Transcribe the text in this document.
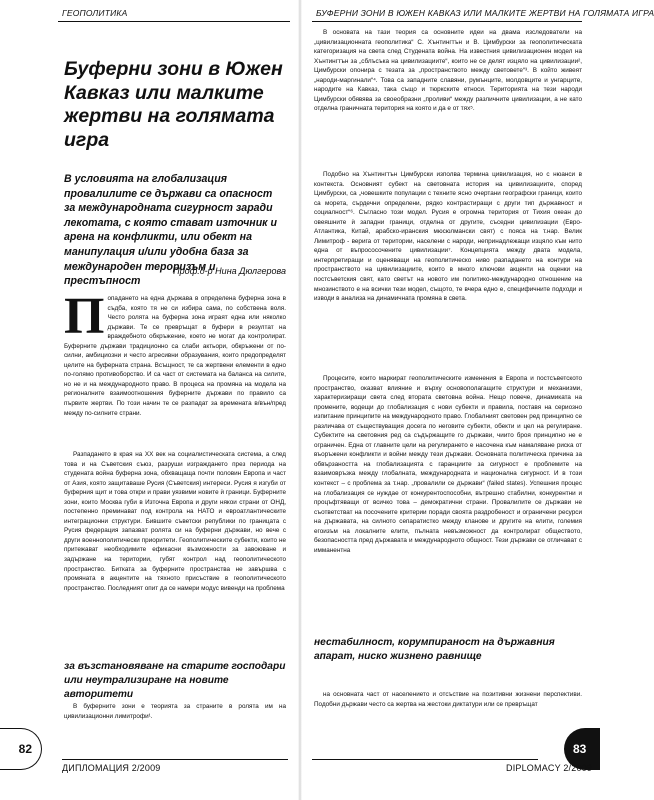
ГЕОПОЛИТИКА
Буферни зони в Южен Кавказ или малките жертви на голямата игра

В условията на глобализация провалилите се държави са опасност за международната сигурност заради лекотата, с която стават източник и арена на конфликти, или обект на манипулация и/или удобна база за международен тероризъм и престъпност

Проф.д-р Нина Дюлгерова

Попадането на една държава в определена буферна зона в съдба, която тя не си избира сама, по собствена воля. Често ролята на буферна зона играят една или няколко държави. Те се превръщат в буфери в резултат на враждебното обкръжение, което не могат да контролират. Буферните държави традиционно са слаби актьори, обкръжени от по-силни, амбициозни и често агресивни образувания, които предопределят целите на буферната страна. Всъщност, те са жертвени елементи в едно по-голямо противоборство. И са част от системата на баланса на силите, но не и на международното право. В процеса на промяна на модела на регионалните взаимоотношения буферните държави по правило са първите жертви. По този начин те се разпадат за времената в/вън/пред между по-силните страни.

Разпадането в края на ХХ век на социалистическата система, а след това и на Съветския съюз, разруши изграждането през периода на студената война буферна зона, обхващаща почти половин Европа и част от Азия, която защитаваше Русия (Съветския) интереси. Русия я изгуби от буферния щит и това откри и прави уязвими новите ѝ граници. Буферните зони, които Москва губи в Източна Европа и други някои страни от ОНД, постепенно преминават под контрола на НАТО и евроатлантическите интеграционни структури. Бившите съветски републики по границата с Русия федерация запазват ролята си на буферни държави, но вече с други военнополитически приоритети. Геополитическите субекти, които не притежават необходимите ефикасни възможности за завоюване и задържане на територии, губят контрол над геополитическото пространство. Битката за буферните пространства не завършва с промяната в акцентите на тяхното присъствие в геополитическото пространство. Последният опит да се намери модус вивенди на проблема

за възстановяване на старите господари или неутрализиране на новите авторитети

В буферните зони е теорията за страните в ролята им на цивилизационни лимитрофи¹.

82
ДИПЛОМАЦИЯ 2/2009
БУФЕРНИ ЗОНИ В ЮЖЕН КАВКАЗ ИЛИ МАЛКИТЕ ЖЕРТВИ НА ГОЛЯМАТА ИГРА

В основата на тази теория са основните идеи на двама изследователи на „цивилизационната геополитика“ С. Хънтингтън и В. Цимбурски за геополитическата категоризация на света след Студената война. На известния цивилизационен модел на Хънтингтън за „сблъсъка на цивилизациите“, които не се делят изцяло на цивилизации², Цимбурски опонира с тезата за „пространството между световете“³. В който живеят „народи-маргинали“⁴. Това са западните славяни, румънците, молдовците и унгарците, народите на Кавказ, така също и тюркските етноси. Територията на тези народи Цимбурски обявява за своеобразни „проливи“ между различните цивилизации, а не като отделна граничната територия на която и да е от тях⁵.

Подобно на Хънтингтън Цимбурски изполва термина цивилизация, но с нюанси в контекста. Основният субект на световната история на цивилизациите, според Цимбурски, са „човешките популации с техните ясно очертани географски граници, които са морета, сърдечни определени, рядко контрастиращи с други тип държавност и социалност“⁶. Съгласно този модел. Русия е огромна територия от Тихия океан до овеяшните ѝ западни граници, отделна от другите, съседни цивилизации (Евро-Атлантика, Китай, арабско-иранския мюсюлмански свят) с пояса на т.нар. Велик Лимитроф - верига от територии, населени с народи, непринадлежащи изцяло към нито една от въпрососочените цивилизации⁷. Концепцията между двата модела, интерпретиращи и оценяващи на геополитическо ниво разпадането на контури на пространството на цивилизациите, които в много ключови акценти на оценки на постсъветския свят, като светът на новото им политико-международно отношение на мнозинството е на всички тези модел, същото, те вчера едно е, специфичните подходи и изводи в анализа на динамичната промяна в света.

Процесите, които маркират геополитическите изменения в Европа и постсъветското пространство, оказват влияние и върху основополагащите структури и механизми, характеризиращи света след втората световна война. Нещо повече, динамиката на промените, водещи до глобализация с нови субекти и правила, поставя на сериозно изпитание принципите на международното право. Глобалният световен ред принципно се различава от съществуващия досега по неговите субекти, обекти и цел на регулиране. Субектите на световния ред са съдържащите го държави, чиито броя принципно не е ограничен. Една от главните цели на регулирането е насочена към намаляване риска от въоръжени конфликти и войни между тези държави. Основната политическа причина за обвързаността на глобализацията с гаранциите за сигурност е проблемите на взаимовръзка между глобалната, международната и национална сигурност. И в този контекст – с проблема за т.нар. „провалили се държави“ (failed states). Успешния процес на глобализация се нуждае от конкурентоспособни, вътрешно стабилни, конкурентни и процъфтяващи от всичко това – демократични страни. Провалилите се държави не съответстват на посочените критерии поради своята раздробеност и ограничени ресурси на държавата, на силното сепаратистко между кланове и другите на елити, големия егоизъм на локалните елити, пълната невъзможност да контролират обществото, безопасността пред държавата и международното общност. Тези държави се отличават с имманентна

нестабилност, корумпираност на държавния апарат, ниско жизнено равнище

на основната част от населението и отсъствие на позитивни жизнени перспективи. Подобни държави често са жертва на жестоки диктатури или се превръщат

83
DIPLOMACY 2/2009
